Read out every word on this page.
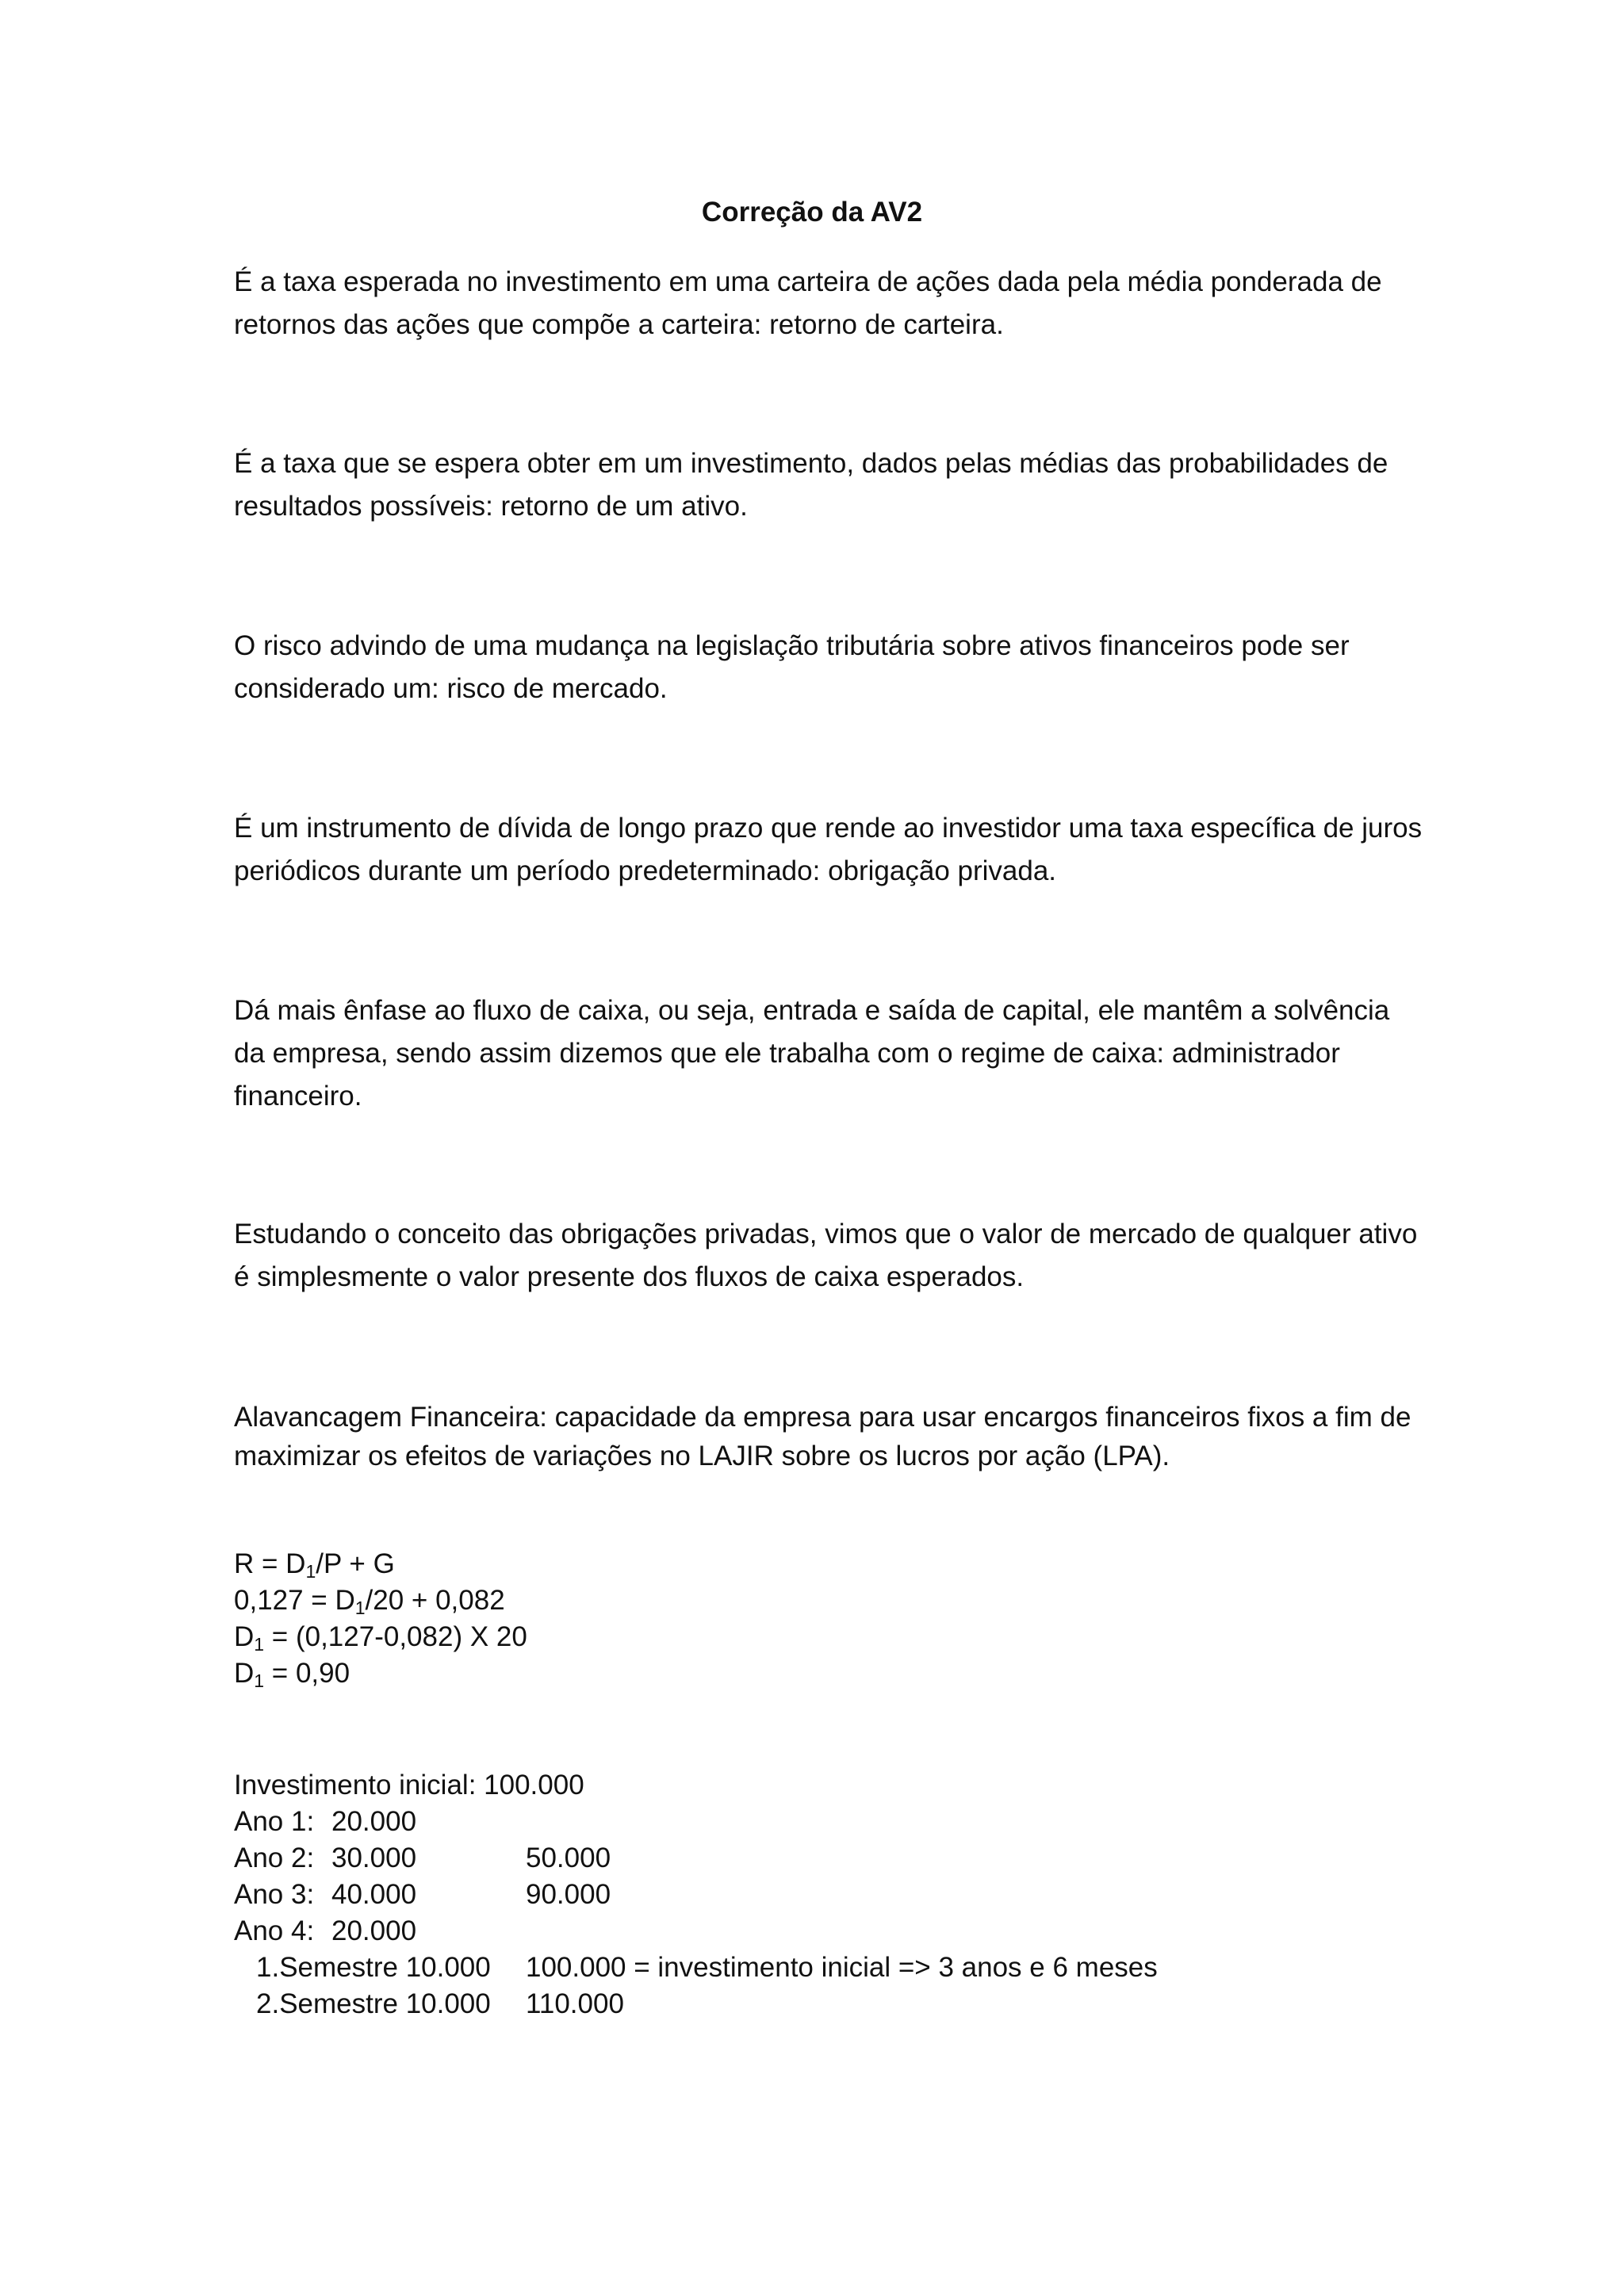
Correção da AV2

É a taxa esperada no investimento em uma carteira de ações dada pela média ponderada de retornos das ações que compõe a carteira: retorno de carteira.

É a taxa que se espera obter em um investimento, dados pelas médias das probabilidades de resultados possíveis: retorno de um ativo.

O risco advindo de uma mudança na legislação tributária sobre ativos financeiros pode ser considerado um: risco de mercado.

É um instrumento de dívida de longo prazo que rende ao investidor uma taxa específica de juros periódicos durante um período predeterminado: obrigação privada.

Dá mais ênfase ao fluxo de caixa, ou seja, entrada e saída de capital, ele mantêm a solvência da empresa, sendo assim dizemos que ele trabalha com o regime de caixa: administrador financeiro.

Estudando o conceito das obrigações privadas, vimos que o valor de mercado de qualquer ativo é simplesmente o valor presente dos fluxos de caixa esperados.

Alavancagem Financeira: capacidade da empresa para usar encargos financeiros fixos a fim de maximizar os efeitos de variações no LAJIR sobre os lucros por ação (LPA).

$R = D_1/P + G$
$0,127 = D_1/20 + 0,082$
$D_1 = (0,127-0,082)$ X 20
$D_1 = 0,90$
Investimento inicial: 100.000
Ano 1: 20.000
Ano 2: 30.000	50.000
Ano 3: 40.000	90.000
Ano 4: 20.000
1.Semestre 10.000 100.000 = investimento inicial => 3 anos e 6 meses
2.Semestre 10.000 110.000
